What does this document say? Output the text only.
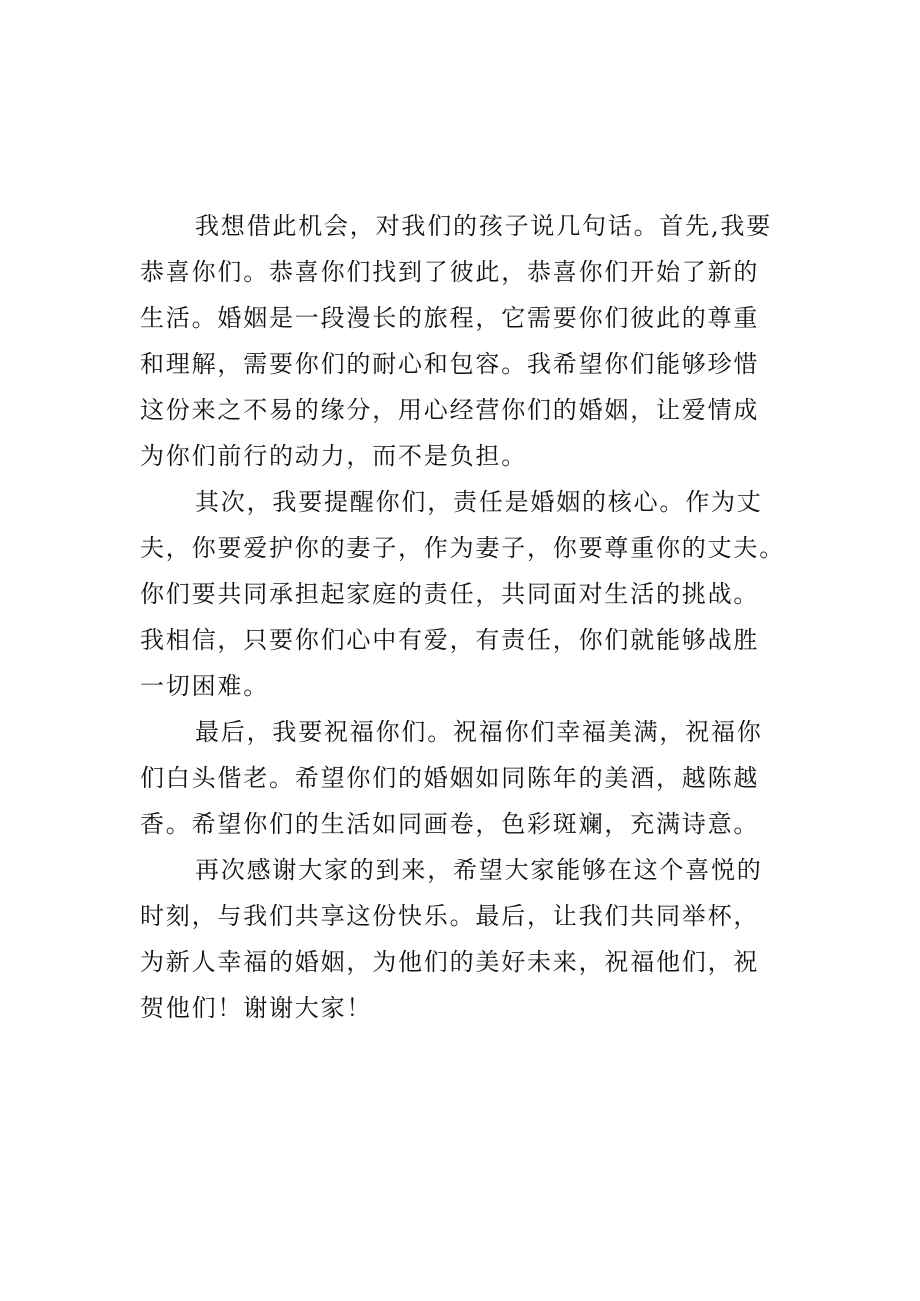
我想借此机会，对我们的孩子说几句话。首先,我要
恭喜你们。恭喜你们找到了彼此，恭喜你们开始了新的
生活。婚姻是一段漫长的旅程，它需要你们彼此的尊重
和理解，需要你们的耐心和包容。我希望你们能够珍惜
这份来之不易的缘分，用心经营你们的婚姻，让爱情成
为你们前行的动力，而不是负担。
其次，我要提醒你们，责任是婚姻的核心。作为丈
夫，你要爱护你的妻子，作为妻子，你要尊重你的丈夫。
你们要共同承担起家庭的责任，共同面对生活的挑战。
我相信，只要你们心中有爱，有责任，你们就能够战胜
一切困难。
最后，我要祝福你们。祝福你们幸福美满，祝福你
们白头偕老。希望你们的婚姻如同陈年的美酒，越陈越
香。希望你们的生活如同画卷，色彩斑斓，充满诗意。
再次感谢大家的到来，希望大家能够在这个喜悦的
时刻，与我们共享这份快乐。最后，让我们共同举杯，
为新人幸福的婚姻，为他们的美好未来，祝福他们，祝
贺他们！谢谢大家！
